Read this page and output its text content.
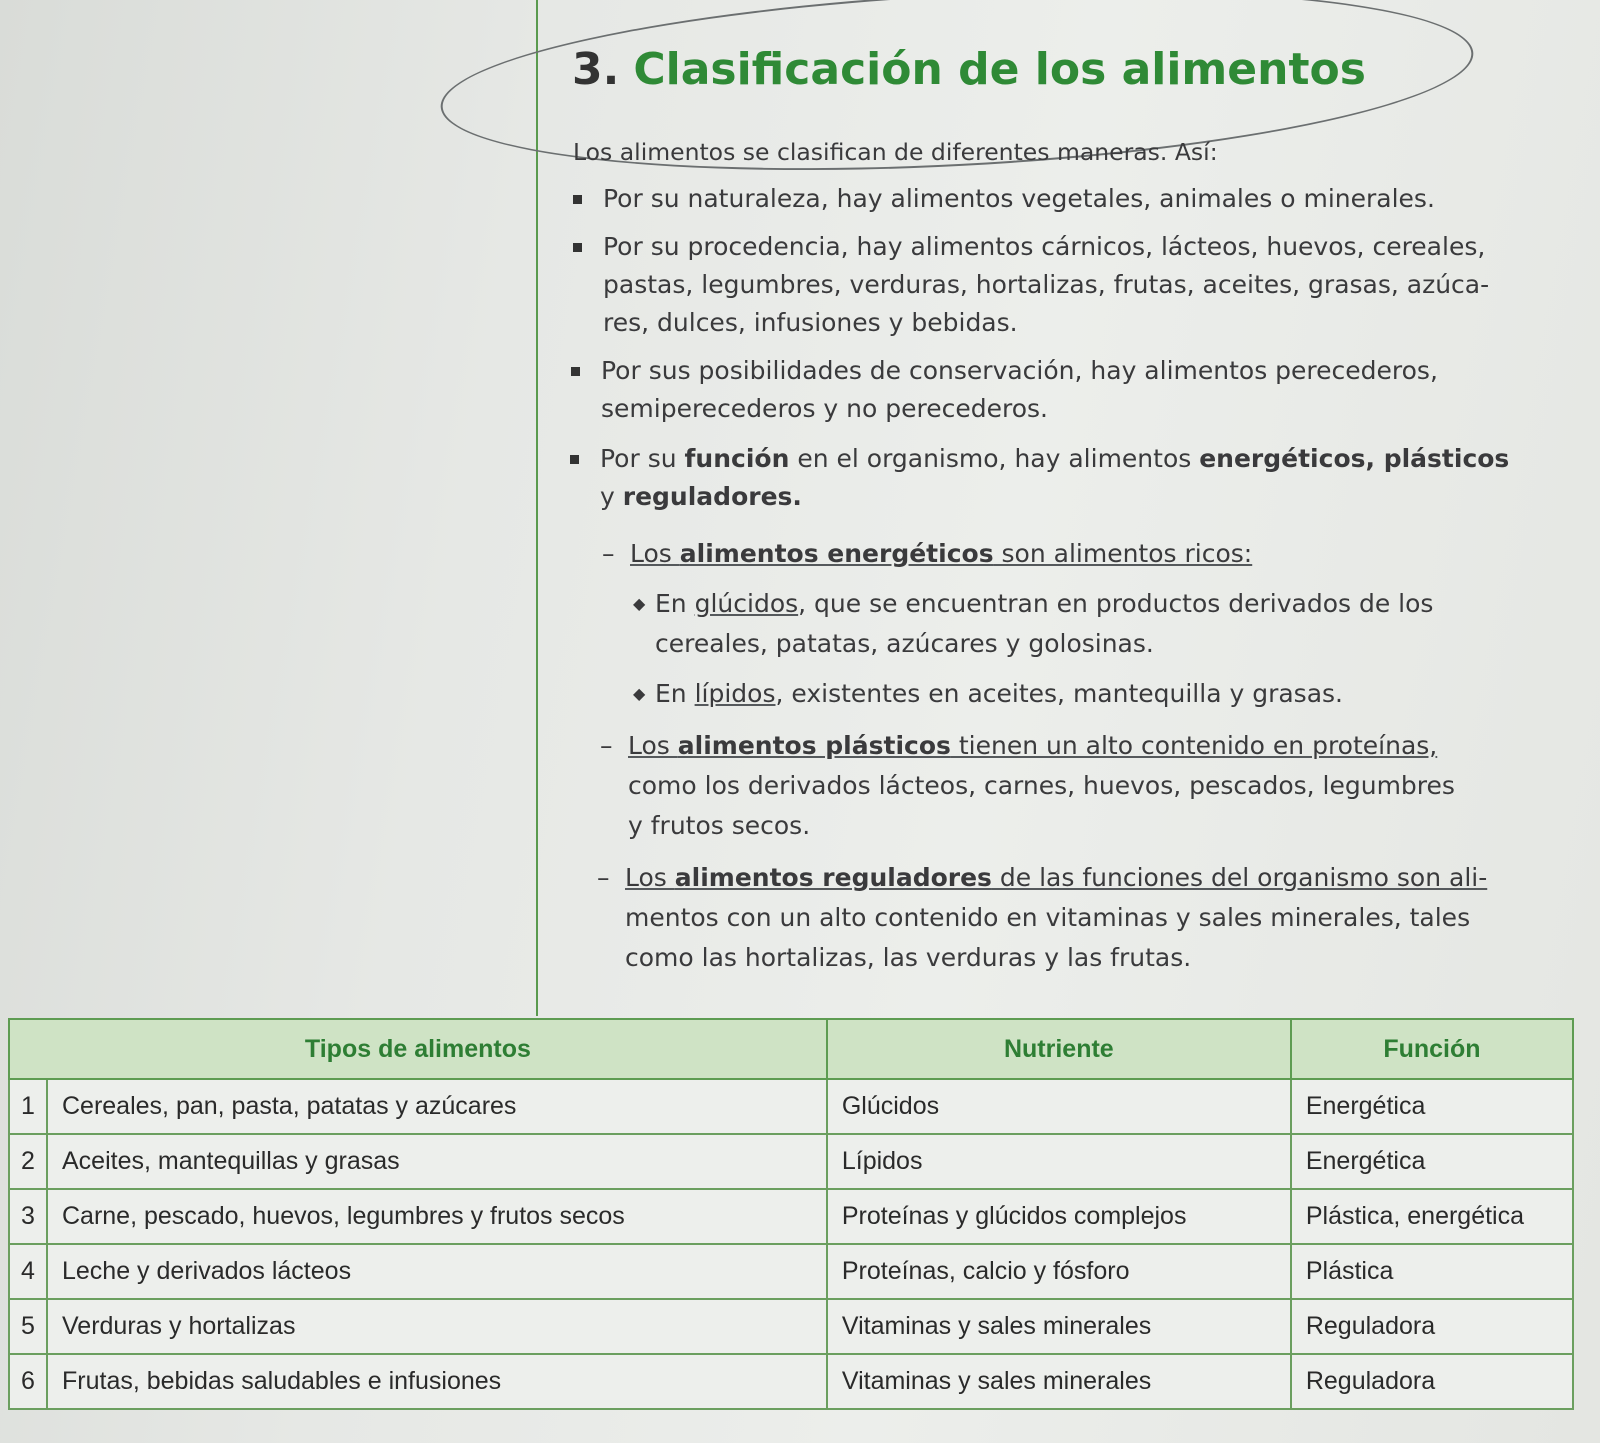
3. Clasificación de los alimentos
Los alimentos se clasifican de diferentes maneras. Así:
Por su naturaleza, hay alimentos vegetales, animales o minerales.
Por su procedencia, hay alimentos cárnicos, lácteos, huevos, cereales,
pastas, legumbres, verduras, hortalizas, frutas, aceites, grasas, azúca-
res, dulces, infusiones y bebidas.
Por sus posibilidades de conservación, hay alimentos perecederos,
semiperecederos y no perecederos.
Por su función en el organismo, hay alimentos energéticos, plásticos
y reguladores.
– Los alimentos energéticos son alimentos ricos:
◆ En glúcidos, que se encuentran en productos derivados de los
cereales, patatas, azúcares y golosinas.
◆ En lípidos, existentes en aceites, mantequilla y grasas.
– Los alimentos plásticos tienen un alto contenido en proteínas,
como los derivados lácteos, carnes, huevos, pescados, legumbres
y frutos secos.
– Los alimentos reguladores de las funciones del organismo son ali-
mentos con un alto contenido en vitaminas y sales minerales, tales
como las hortalizas, las verduras y las frutas.
Tipos de alimentos		Nutriente	Función
1	Cereales, pan, pasta, patatas y azúcares	Glúcidos	Energética
2	Aceites, mantequillas y grasas	Lípidos	Energética
3	Carne, pescado, huevos, legumbres y frutos secos	Proteínas y glúcidos complejos	Plástica, energética
4	Leche y derivados lácteos	Proteínas, calcio y fósforo	Plástica
5	Verduras y hortalizas	Vitaminas y sales minerales	Reguladora
6	Frutas, bebidas saludables e infusiones	Vitaminas y sales minerales	Reguladora
